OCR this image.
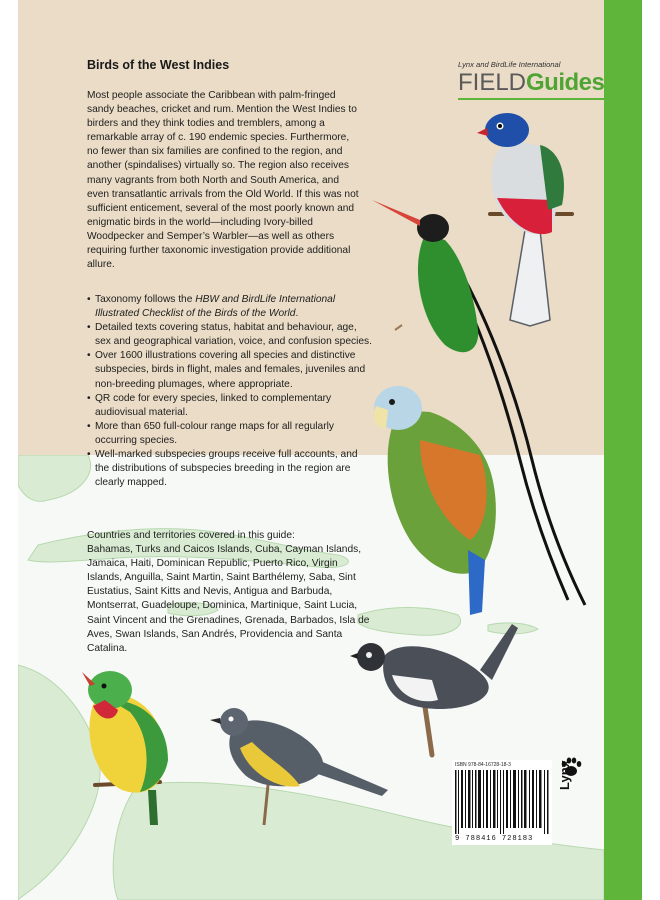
Birds of the West Indies

Most people associate the Caribbean with palm-fringed sandy beaches, cricket and rum. Mention the West Indies to birders and they think todies and tremblers, among a remarkable array of c. 190 endemic species. Furthermore, no fewer than six families are confined to the region, and another (spindalises) virtually so. The region also receives many vagrants from both North and South America, and even transatlantic arrivals from the Old World. If this was not sufficient enticement, several of the most poorly known and enigmatic birds in the world—including Ivory-billed Woodpecker and Semper’s Warbler—as well as others requiring further taxonomic investigation provide additional allure.

• Taxonomy follows the HBW and BirdLife International Illustrated Checklist of the Birds of the World.
• Detailed texts covering status, habitat and behaviour, age, sex and geographical variation, voice, and confusion species.
• Over 1600 illustrations covering all species and distinctive subspecies, birds in flight, males and females, juveniles and non-breeding plumages, where appropriate.
• QR code for every species, linked to complementary audiovisual material.
• More than 650 full-colour range maps for all regularly occurring species.
• Well-marked subspecies groups receive full accounts, and the distributions of subspecies breeding in the region are clearly mapped.

Countries and territories covered in this guide:

Bahamas, Turks and Caicos Islands, Cuba, Cayman Islands, Jamaica, Haiti, Dominican Republic, Puerto Rico, Virgin Islands, Anguilla, Saint Martin, Saint Barthélemy, Saba, Sint Eustatius, Saint Kitts and Nevis, Antigua and Barbuda, Montserrat, Guadeloupe, Dominica, Martinique, Saint Lucia, Saint Vincent and the Grenadines, Grenada, Barbados, Isla de Aves, Swan Islands, San Andrés, Providencia and Santa Catalina.

Lynx and BirdLife International
FIELDGuides
ISBN 978-84-16728-18-3
9 788416 728183
Lynx
